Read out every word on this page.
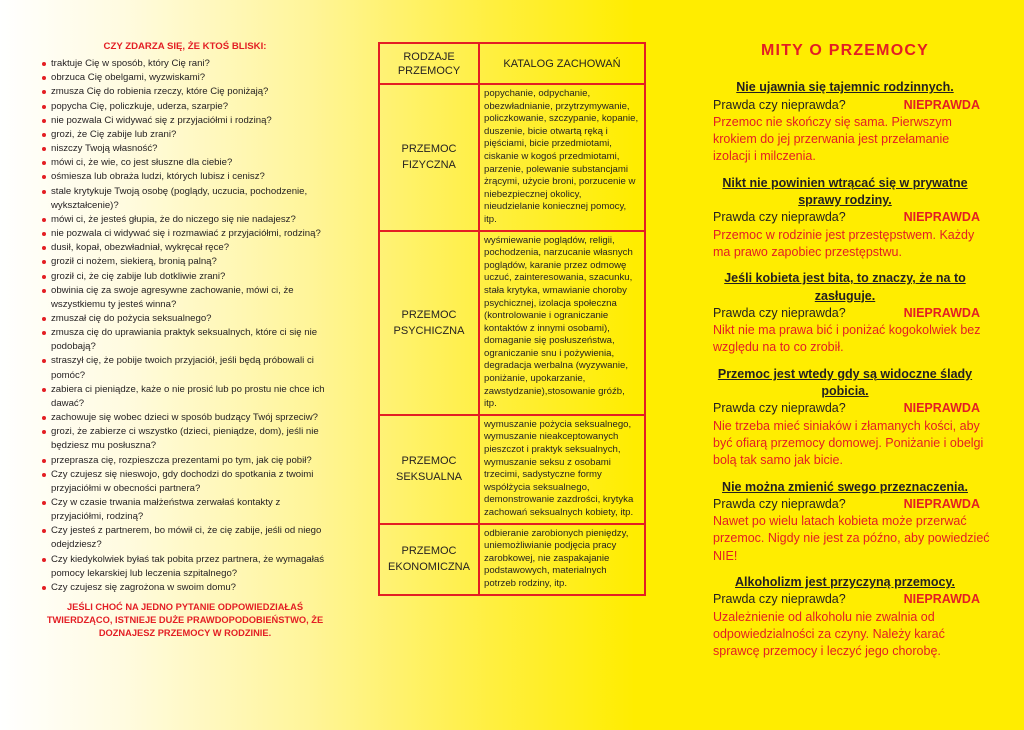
CZY ZDARZA SIĘ, ŻE KTOŚ BLISKI:
traktuje Cię w sposób, który Cię rani?
obrzuca Cię obelgami, wyzwiskami?
zmusza Cię do robienia rzeczy, które Cię poniżają?
popycha Cię, policzkuje, uderza, szarpie?
nie pozwala Ci widywać się z przyjaciółmi i rodziną?
grozi, że Cię zabije lub zrani?
niszczy Twoją własność?
mówi ci, że wie, co jest słuszne dla ciebie?
ośmiesza lub obraża ludzi, których lubisz i cenisz?
stale krytykuje Twoją osobę (poglądy, uczucia, pochodzenie, wykształcenie)?
mówi ci, że jesteś głupia, że do niczego się nie nadajesz?
nie pozwala ci widywać się i rozmawiać z przyjaciółmi, rodziną?
dusił, kopał, obezwładniał, wykręcał ręce?
groził ci nożem, siekierą, bronią palną?
groził ci, że cię zabije lub dotkliwie zrani?
obwinia cię za swoje agresywne zachowanie, mówi ci, że wszystkiemu ty jesteś winna?
zmuszał cię do pożycia seksualnego?
zmusza cię do uprawiania praktyk seksualnych, które ci się nie podobają?
straszył cię, że pobije twoich przyjaciół, jeśli będą próbowali ci pomóc?
zabiera ci pieniądze, każe o nie prosić lub po prostu nie chce ich dawać?
zachowuje się wobec dzieci w sposób budzący Twój sprzeciw?
grozi, że zabierze ci wszystko (dzieci, pieniądze, dom), jeśli nie będziesz mu posłuszna?
przeprasza cię, rozpieszcza prezentami po tym, jak cię pobił?
Czy czujesz się nieswojo, gdy dochodzi do spotkania z twoimi przyjaciółmi w obecności partnera?
Czy w czasie trwania małżeństwa zerwałaś kontakty z przyjaciółmi, rodziną?
Czy jesteś z partnerem, bo mówił ci, że cię zabije, jeśli od niego odejdziesz?
Czy kiedykolwiek byłaś tak pobita przez partnera, że wymagałaś pomocy lekarskiej lub leczenia szpitalnego?
Czy czujesz się zagrożona w swoim domu?
JEŚLI CHOĆ NA JEDNO PYTANIE ODPOWIEDZIAŁAŚ TWIERDZĄCO, ISTNIEJE DUŻE PRAWDOPODOBIEŃSTWO, ŻE DOZNAJESZ PRZEMOCY W RODZINIE.
RODZAJE PRZEMOCY	KATALOG ZACHOWAŃ
PRZEMOC FIZYCZNA	popychanie, odpychanie, obezwładnianie, przytrzymywanie, policzkowanie, szczypanie, kopanie, duszenie, bicie otwartą ręką i pięściami, bicie przedmiotami, ciskanie w kogoś przedmiotami, parzenie, polewanie substancjami żrącymi, użycie broni, porzucenie w niebezpiecznej okolicy, nieudzielanie koniecznej pomocy, itp.
PRZEMOC PSYCHICZNA	wyśmiewanie poglądów, religii, pochodzenia, narzucanie własnych poglądów, karanie przez odmowę uczuć, zainteresowania, szacunku, stała krytyka, wmawianie choroby psychicznej, izolacja społeczna (kontrolowanie i ograniczanie kontaktów z innymi osobami), domaganie się posłuszeństwa, ograniczanie snu i pożywienia, degradacja werbalna (wyzywanie, poniżanie, upokarzanie, zawstydzanie),stosowanie gróźb, itp.
PRZEMOC SEKSUALNA	wymuszanie pożycia seksualnego, wymuszanie nieakceptowanych pieszczot i praktyk seksualnych, wymuszanie seksu z osobami trzecimi, sadystyczne formy współżycia seksualnego, demonstrowanie zazdrości, krytyka zachowań seksualnych kobiety, itp.
PRZEMOC EKONOMICZNA	odbieranie zarobionych pieniędzy, uniemożliwianie podjęcia pracy zarobkowej, nie zaspakajanie podstawowych, materialnych potrzeb rodziny, itp.
MITY O PRZEMOCY
Nie ujawnia się tajemnic rodzinnych.
Prawda czy nieprawda?	NIEPRAWDA
Przemoc nie skończy się sama. Pierwszym krokiem do jej przerwania jest przełamanie izolacji i milczenia.
Nikt nie powinien wtrącać się w prywatne sprawy rodziny.
Prawda czy nieprawda?	NIEPRAWDA
Przemoc w rodzinie jest przestępstwem. Każdy ma prawo zapobiec przestępstwu.
Jeśli kobieta jest bita, to znaczy, że na to zasługuje.
Prawda czy nieprawda?	NIEPRAWDA
Nikt nie ma prawa bić i poniżać kogokolwiek bez względu na to co zrobił.
Przemoc jest wtedy gdy są widoczne ślady pobicia.
Prawda czy nieprawda?	NIEPRAWDA
Nie trzeba mieć siniaków i złamanych kości, aby być ofiarą przemocy domowej. Poniżanie i obelgi bolą tak samo jak bicie.
Nie można zmienić swego przeznaczenia.
Prawda czy nieprawda?	NIEPRAWDA
Nawet po wielu latach kobieta może przerwać przemoc. Nigdy nie jest za późno, aby powiedzieć NIE!
Alkoholizm jest przyczyną przemocy.
Prawda czy nieprawda?	NIEPRAWDA
Uzależnienie od alkoholu nie zwalnia od odpowiedzialności za czyny. Należy karać sprawcę przemocy i leczyć jego chorobę.
